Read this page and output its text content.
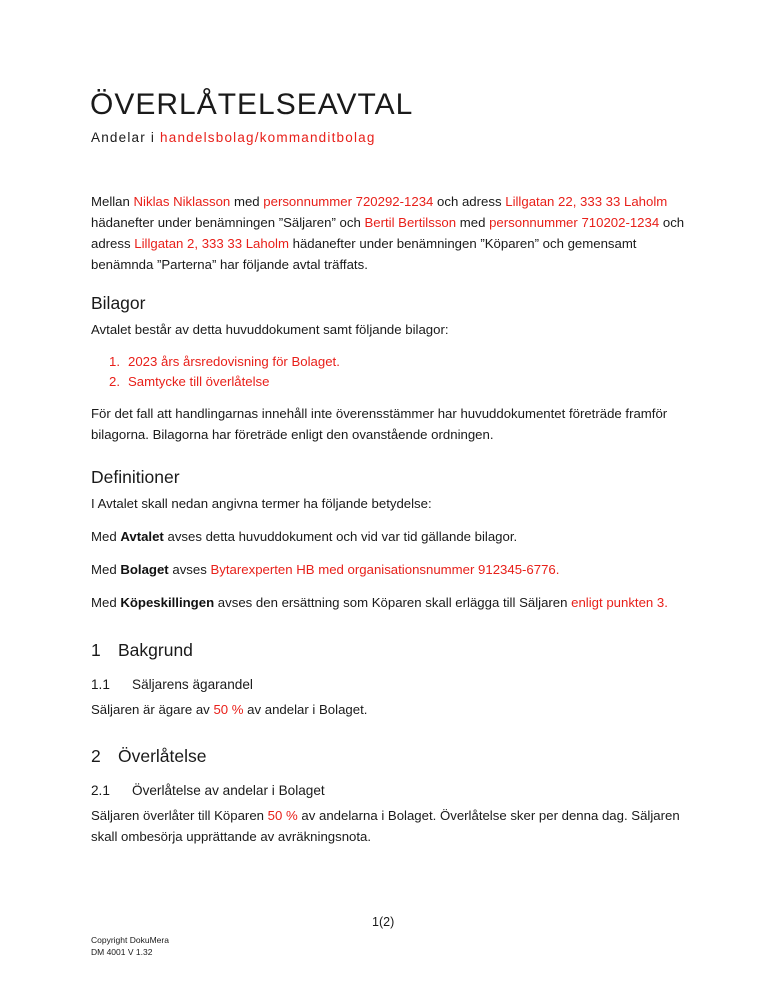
ÖVERLÅTELSEAVTAL
Andelar i handelsbolag/kommanditbolag

Mellan Niklas Niklasson med personnummer 720292-1234 och adress Lillgatan 22, 333 33 Laholm hädanefter under benämningen ”Säljaren” och Bertil Bertilsson med personnummer 710202-1234 och adress Lillgatan 2, 333 33 Laholm hädanefter under benämningen ”Köparen” och gemensamt benämnda ”Parterna” har följande avtal träffats.

Bilagor

Avtalet består av detta huvuddokument samt följande bilagor:

1. 2023 års årsredovisning för Bolaget.
2. Samtycke till överlåtelse

För det fall att handlingarnas innehåll inte överensstämmer har huvuddokumentet företräde framför bilagorna. Bilagorna har företräde enligt den ovanstående ordningen.

Definitioner

I Avtalet skall nedan angivna termer ha följande betydelse:

Med Avtalet avses detta huvuddokument och vid var tid gällande bilagor.

Med Bolaget avses Bytarexperten HB med organisationsnummer 912345-6776.

Med Köpeskillingen avses den ersättning som Köparen skall erlägga till Säljaren enligt punkten 3.

1 Bakgrund
1.1 Säljarens ägarandel

Säljaren är ägare av 50 % av andelar i Bolaget.

2 Överlåtelse
2.1 Överlåtelse av andelar i Bolaget

Säljaren överlåter till Köparen 50 % av andelarna i Bolaget. Överlåtelse sker per denna dag. Säljaren skall ombesörja upprättande av avräkningsnota.

1(2)
Copyright DokuMera
DM 4001 V 1.32
